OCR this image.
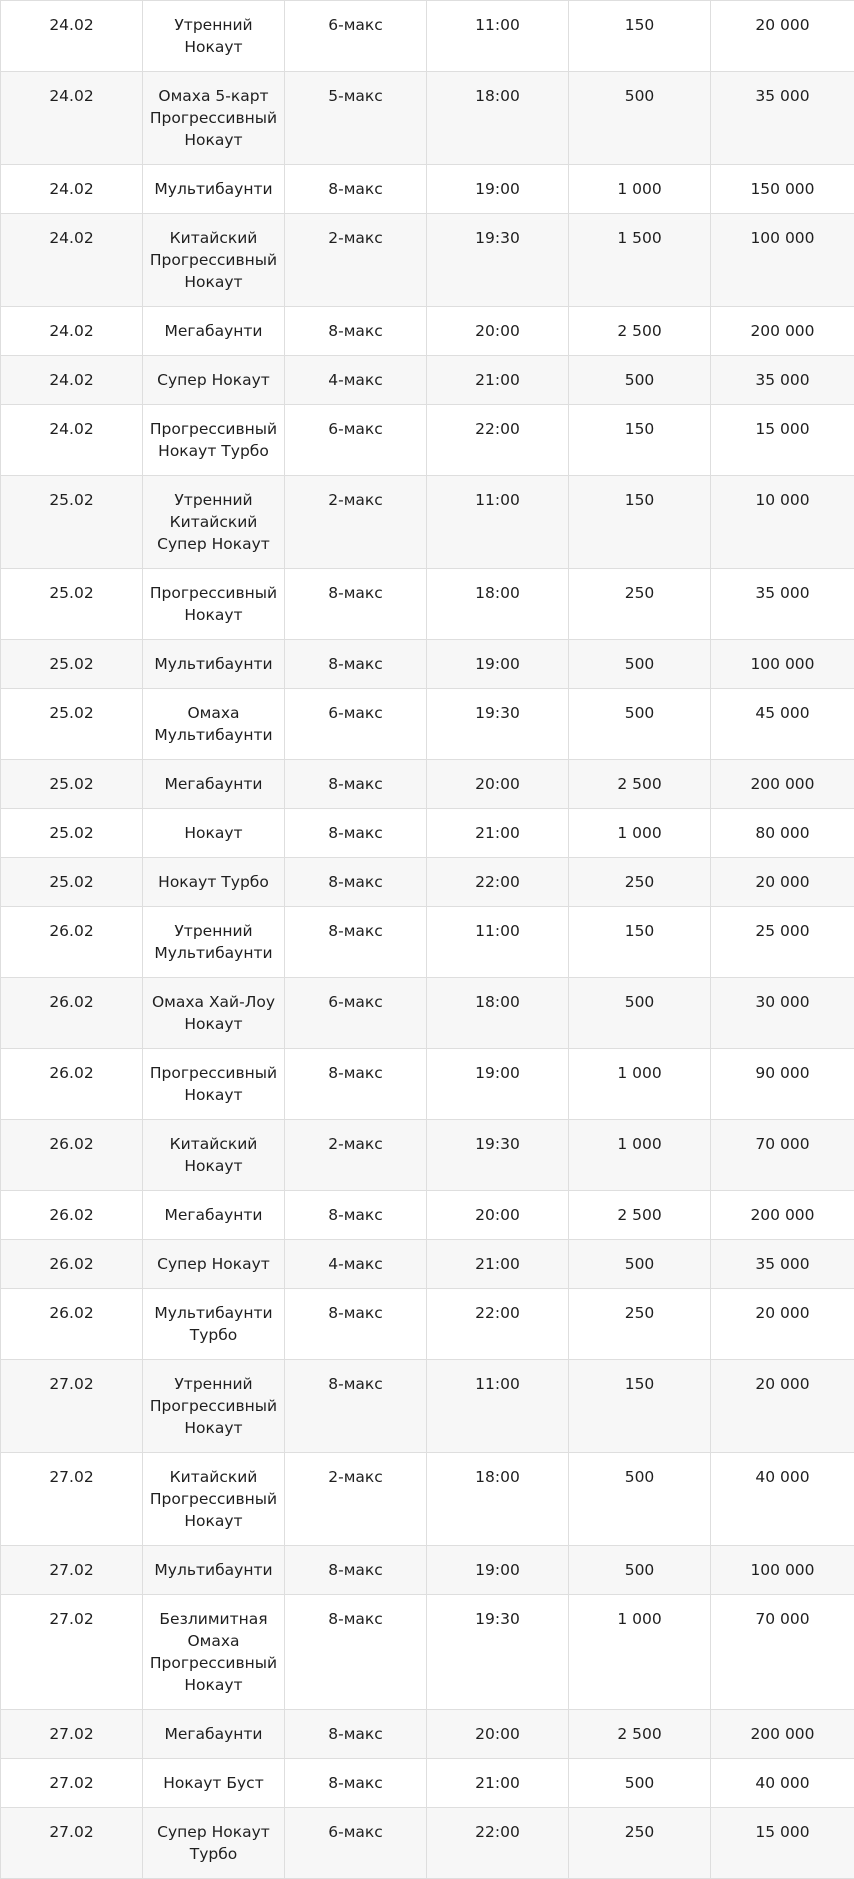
24.02	Утренний
Нокаут	6-макс	11:00	150	20 000
24.02	Омаха 5-карт
Прогрессивный
Нокаут	5-макс	18:00	500	35 000
24.02	Мультибаунти	8-макс	19:00	1 000	150 000
24.02	Китайский
Прогрессивный
Нокаут	2-макс	19:30	1 500	100 000
24.02	Мегабаунти	8-макс	20:00	2 500	200 000
24.02	Супер Нокаут	4-макс	21:00	500	35 000
24.02	Прогрессивный
Нокаут Турбо	6-макс	22:00	150	15 000
25.02	Утренний
Китайский
Супер Нокаут	2-макс	11:00	150	10 000
25.02	Прогрессивный
Нокаут	8-макс	18:00	250	35 000
25.02	Мультибаунти	8-макс	19:00	500	100 000
25.02	Омаха
Мультибаунти	6-макс	19:30	500	45 000
25.02	Мегабаунти	8-макс	20:00	2 500	200 000
25.02	Нокаут	8-макс	21:00	1 000	80 000
25.02	Нокаут Турбо	8-макс	22:00	250	20 000
26.02	Утренний
Мультибаунти	8-макс	11:00	150	25 000
26.02	Омаха Хай-Лоу
Нокаут	6-макс	18:00	500	30 000
26.02	Прогрессивный
Нокаут	8-макс	19:00	1 000	90 000
26.02	Китайский
Нокаут	2-макс	19:30	1 000	70 000
26.02	Мегабаунти	8-макс	20:00	2 500	200 000
26.02	Супер Нокаут	4-макс	21:00	500	35 000
26.02	Мультибаунти
Турбо	8-макс	22:00	250	20 000
27.02	Утренний
Прогрессивный
Нокаут	8-макс	11:00	150	20 000
27.02	Китайский
Прогрессивный
Нокаут	2-макс	18:00	500	40 000
27.02	Мультибаунти	8-макс	19:00	500	100 000
27.02	Безлимитная
Омаха
Прогрессивный
Нокаут	8-макс	19:30	1 000	70 000
27.02	Мегабаунти	8-макс	20:00	2 500	200 000
27.02	Нокаут Буст	8-макс	21:00	500	40 000
27.02	Супер Нокаут
Турбо	6-макс	22:00	250	15 000
